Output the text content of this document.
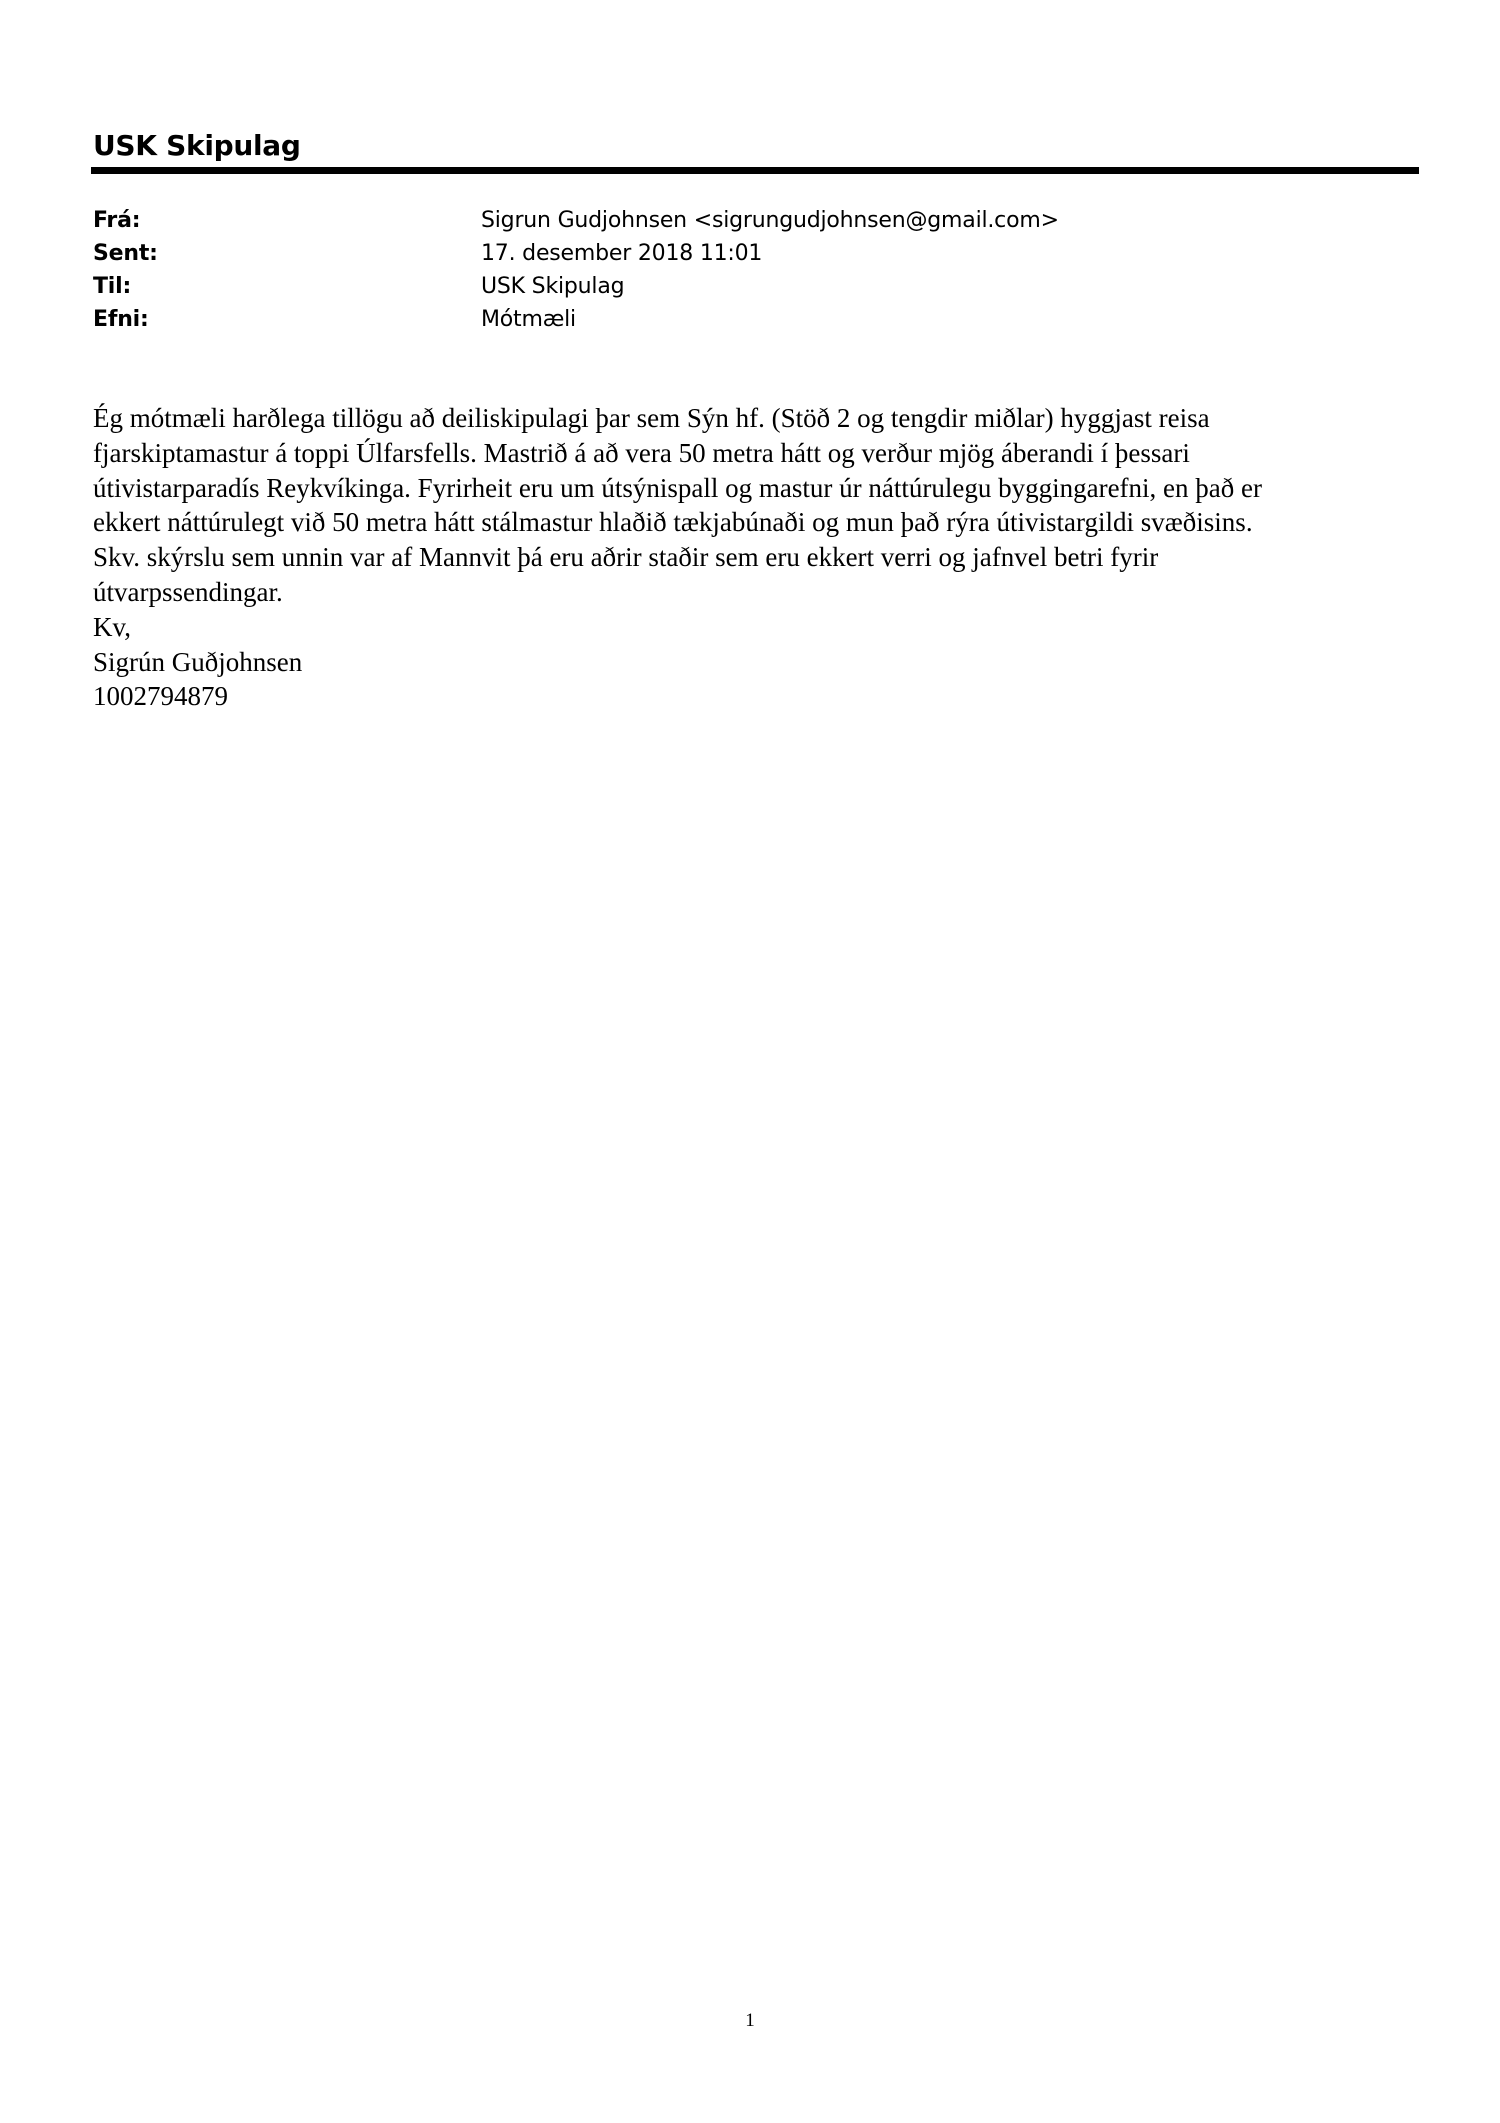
USK Skipulag
Frá:	Sigrun Gudjohnsen <sigrungudjohnsen@gmail.com>
Sent:	17. desember 2018 11:01
Til:	USK Skipulag
Efni:	Mótmæli

Ég mótmæli harðlega tillögu að deiliskipulagi þar sem Sýn hf. (Stöð 2 og tengdir miðlar) hyggjast reisa
fjarskiptamastur á toppi Úlfarsfells. Mastrið á að vera 50 metra hátt og verður mjög áberandi í þessari
útivistarparadís Reykvíkinga. Fyrirheit eru um útsýnispall og mastur úr náttúrulegu byggingarefni, en það er
ekkert náttúrulegt við 50 metra hátt stálmastur hlaðið tækjabúnaði og mun það rýra útivistargildi svæðisins.
Skv. skýrslu sem unnin var af Mannvit þá eru aðrir staðir sem eru ekkert verri og jafnvel betri fyrir
útvarpssendingar.

Kv,
Sigrún Guðjohnsen
1002794879

1
